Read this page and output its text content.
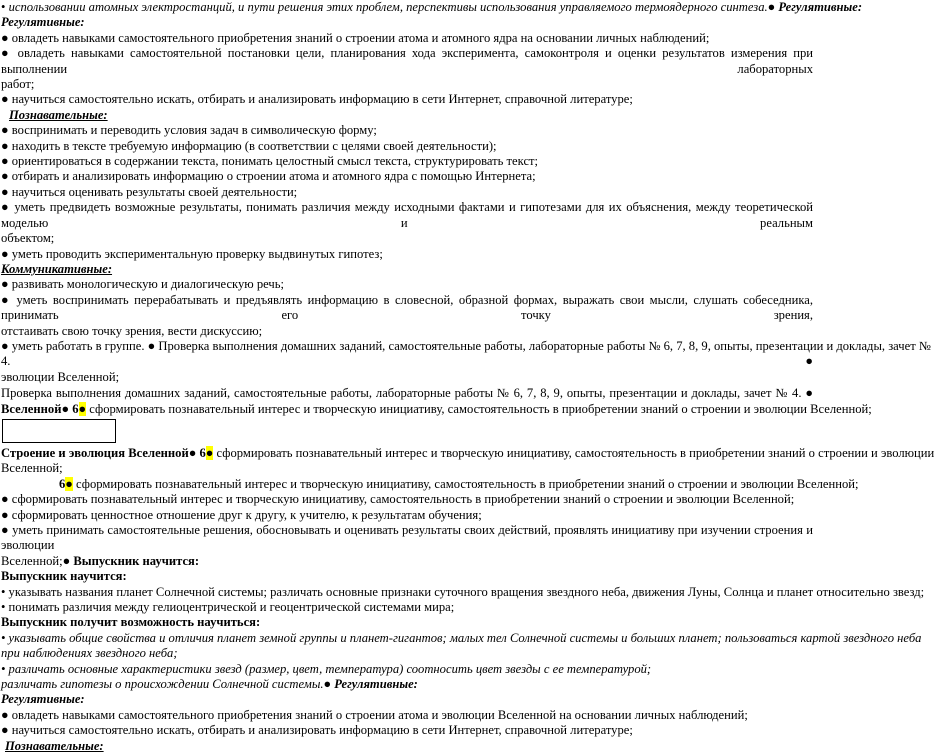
• использовании атомных электростанций, и пути решения этих проблем, перспективы использования управляемого термоядерного синтеза.● Регулятивные:
Регулятивные:
● овладеть навыками самостоятельного приобретения знаний о строении атома и атомного ядра на основании личных наблюдений;
● овладеть навыками самостоятельной постановки цели, планирования хода эксперимента, самоконтроля и оценки результатов измерения при выполнении лабораторных
работ;
● научиться самостоятельно искать, отбирать и анализировать информацию в сети Интернет, справочной литературе;
Познавательные:
● воспринимать и переводить условия задач в символическую форму;
● находить в тексте требуемую информацию (в соответствии с целями своей деятельности);
● ориентироваться в содержании текста, понимать целостный смысл текста, структурировать текст;
● отбирать и анализировать информацию о строении атома и атомного ядра с помощью Интернета;
● научиться оценивать результаты своей деятельности;
● уметь предвидеть возможные результаты, понимать различия между исходными фактами и гипотезами для их объяснения, между теоретической моделью и реальным
объектом;
● уметь проводить экспериментальную проверку выдвинутых гипотез;
Коммуникативные:
● развивать монологическую и диалогическую речь;
● уметь воспринимать перерабатывать и предъявлять информацию в словесной, образной формах, выражать свои мысли, слушать собеседника, принимать его точку зрения,
отстаивать свою точку зрения, вести дискуссию;
● уметь работать в группе. ● Проверка выполнения домашних заданий, самостоятельные работы, лабораторные работы № 6, 7, 8, 9, опыты, презентации и доклады, зачет №
4.	●
эволюции Вселенной;
Проверка выполнения домашних заданий, самостоятельные работы, лабораторные работы № 6, 7, 8, 9, опыты, презентации и доклады, зачет № 4. ●
Вселенной● 6● сформировать познавательный интерес и творческую инициативу, самостоятельность в приобретении знаний о строении и эволюции Вселенной;
Строение и эволюция Вселенной● 6● сформировать познавательный интерес и творческую инициативу, самостоятельность в приобретении знаний о строении и эволюции
Вселенной;
6● сформировать познавательный интерес и творческую инициативу, самостоятельность в приобретении знаний о строении и эволюции Вселенной;
● сформировать познавательный интерес и творческую инициативу, самостоятельность в приобретении знаний о строении и эволюции Вселенной;
● сформировать ценностное отношение друг к другу, к учителю, к результатам обучения;
● уметь принимать самостоятельные решения, обосновывать и оценивать результаты своих действий, проявлять инициативу при изучении строения и эволюции
Вселенной;● Выпускник научится:
Выпускник научится:
• указывать названия планет Солнечной системы; различать основные признаки суточного вращения звездного неба, движения Луны, Солнца и планет относительно звезд;
• понимать различия между гелиоцентрической и геоцентрической системами мира;
Выпускник получит возможность научиться:
• указывать общие свойства и отличия планет земной группы и планет-гигантов; малых тел Солнечной системы и больших планет; пользоваться картой звездного неба
при наблюдениях звездного неба;
• различать основные характеристики звезд (размер, цвет, температура) соотносить цвет звезды с ее температурой;
различать гипотезы о происхождении Солнечной системы.● Регулятивные:
Регулятивные:
● овладеть навыками самостоятельного приобретения знаний о строении атома и эволюции Вселенной на основании личных наблюдений;
● научиться самостоятельно искать, отбирать и анализировать информацию в сети Интернет, справочной литературе;
Познавательные:
